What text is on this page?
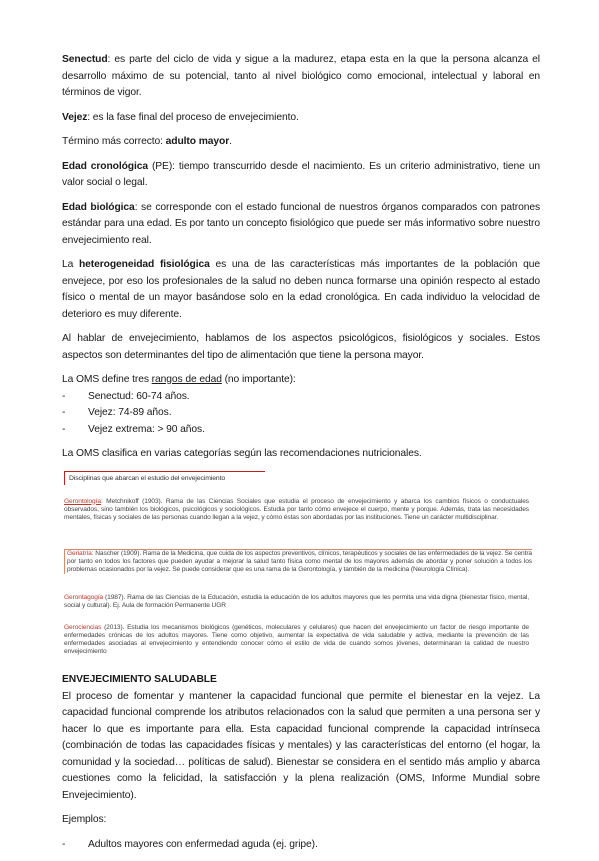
Senectud: es parte del ciclo de vida y sigue a la madurez, etapa esta en la que la persona alcanza el desarrollo máximo de su potencial, tanto al nivel biológico como emocional, intelectual y laboral en términos de vigor.

Vejez: es la fase final del proceso de envejecimiento.

Término más correcto: adulto mayor.

Edad cronológica (PE): tiempo transcurrido desde el nacimiento. Es un criterio administrativo, tiene un valor social o legal.

Edad biológica: se corresponde con el estado funcional de nuestros órganos comparados con patrones estándar para una edad. Es por tanto un concepto fisiológico que puede ser más informativo sobre nuestro envejecimiento real.

La heterogeneidad fisiológica es una de las características más importantes de la población que envejece, por eso los profesionales de la salud no deben nunca formarse una opinión respecto al estado físico o mental de un mayor basándose solo en la edad cronológica. En cada individuo la velocidad de deterioro es muy diferente.

Al hablar de envejecimiento, hablamos de los aspectos psicológicos, fisiológicos y sociales. Estos aspectos son determinantes del tipo de alimentación que tiene la persona mayor.

La OMS define tres rangos de edad (no importante):

- Senectud: 60-74 años.
- Vejez: 74-89 años.
- Vejez extrema: > 90 años.

La OMS clasifica en varias categorías según las recomendaciones nutricionales.

Disciplinas que abarcan el estudio del envejecimiento
Gerontología: Metchnikoff (1903). Rama de las Ciencias Sociales que estudia el proceso de envejecimiento y abarca los cambios físicos o conductuales observados, sino también los biológicos, psicológicos y sociológicos. Estudia por tanto cómo envejece el cuerpo, mente y porque. Además, trata las necesidades mentales, físicas y sociales de las personas cuando llegan a la vejez, y cómo éstas son abordadas por las instituciones. Tiene un carácter multidisciplinar.
Geriatría: Nascher (1909). Rama de la Medicina, que cuida de los aspectos preventivos, clínicos, terapéuticos y sociales de las enfermedades de la vejez. Se centra por tanto en todos los factores que pueden ayudar a mejorar la salud tanto física como mental de los mayores además de abordar y poner solución a todos los problemas ocasionados por la vejez. Se puede considerar que es una rama de la Gerontología, y también de la medicina (Neurología Clínica).
Gerontagogía (1987). Rama de las Ciencias de la Educación, estudia la educación de los adultos mayores que les permita una vida digna (bienestar físico, mental, social y cultural). Ej. Aula de formación Permanente UGR
Gerociencias (2013). Estudia los mecanismos biológicos (genéticos, moleculares y celulares) que hacen del envejecimiento un factor de riesgo importante de enfermedades crónicas de los adultos mayores. Tiene como objetivo, aumentar la expectativa de vida saludable y activa, mediante la prevención de las enfermedades asociadas al envejecimiento y entendiendo conocer cómo el estilo de vida de cuando somos jóvenes, determinaran la calidad de nuestro envejecimiento
ENVEJECIMIENTO SALUDABLE

El proceso de fomentar y mantener la capacidad funcional que permite el bienestar en la vejez. La capacidad funcional comprende los atributos relacionados con la salud que permiten a una persona ser y hacer lo que es importante para ella. Esta capacidad funcional comprende la capacidad intrínseca (combinación de todas las capacidades físicas y mentales) y las características del entorno (el hogar, la comunidad y la sociedad… políticas de salud). Bienestar se considera en el sentido más amplio y abarca cuestiones como la felicidad, la satisfacción y la plena realización (OMS, Informe Mundial sobre Envejecimiento).

Ejemplos:

- Adultos mayores con enfermedad aguda (ej. gripe).
